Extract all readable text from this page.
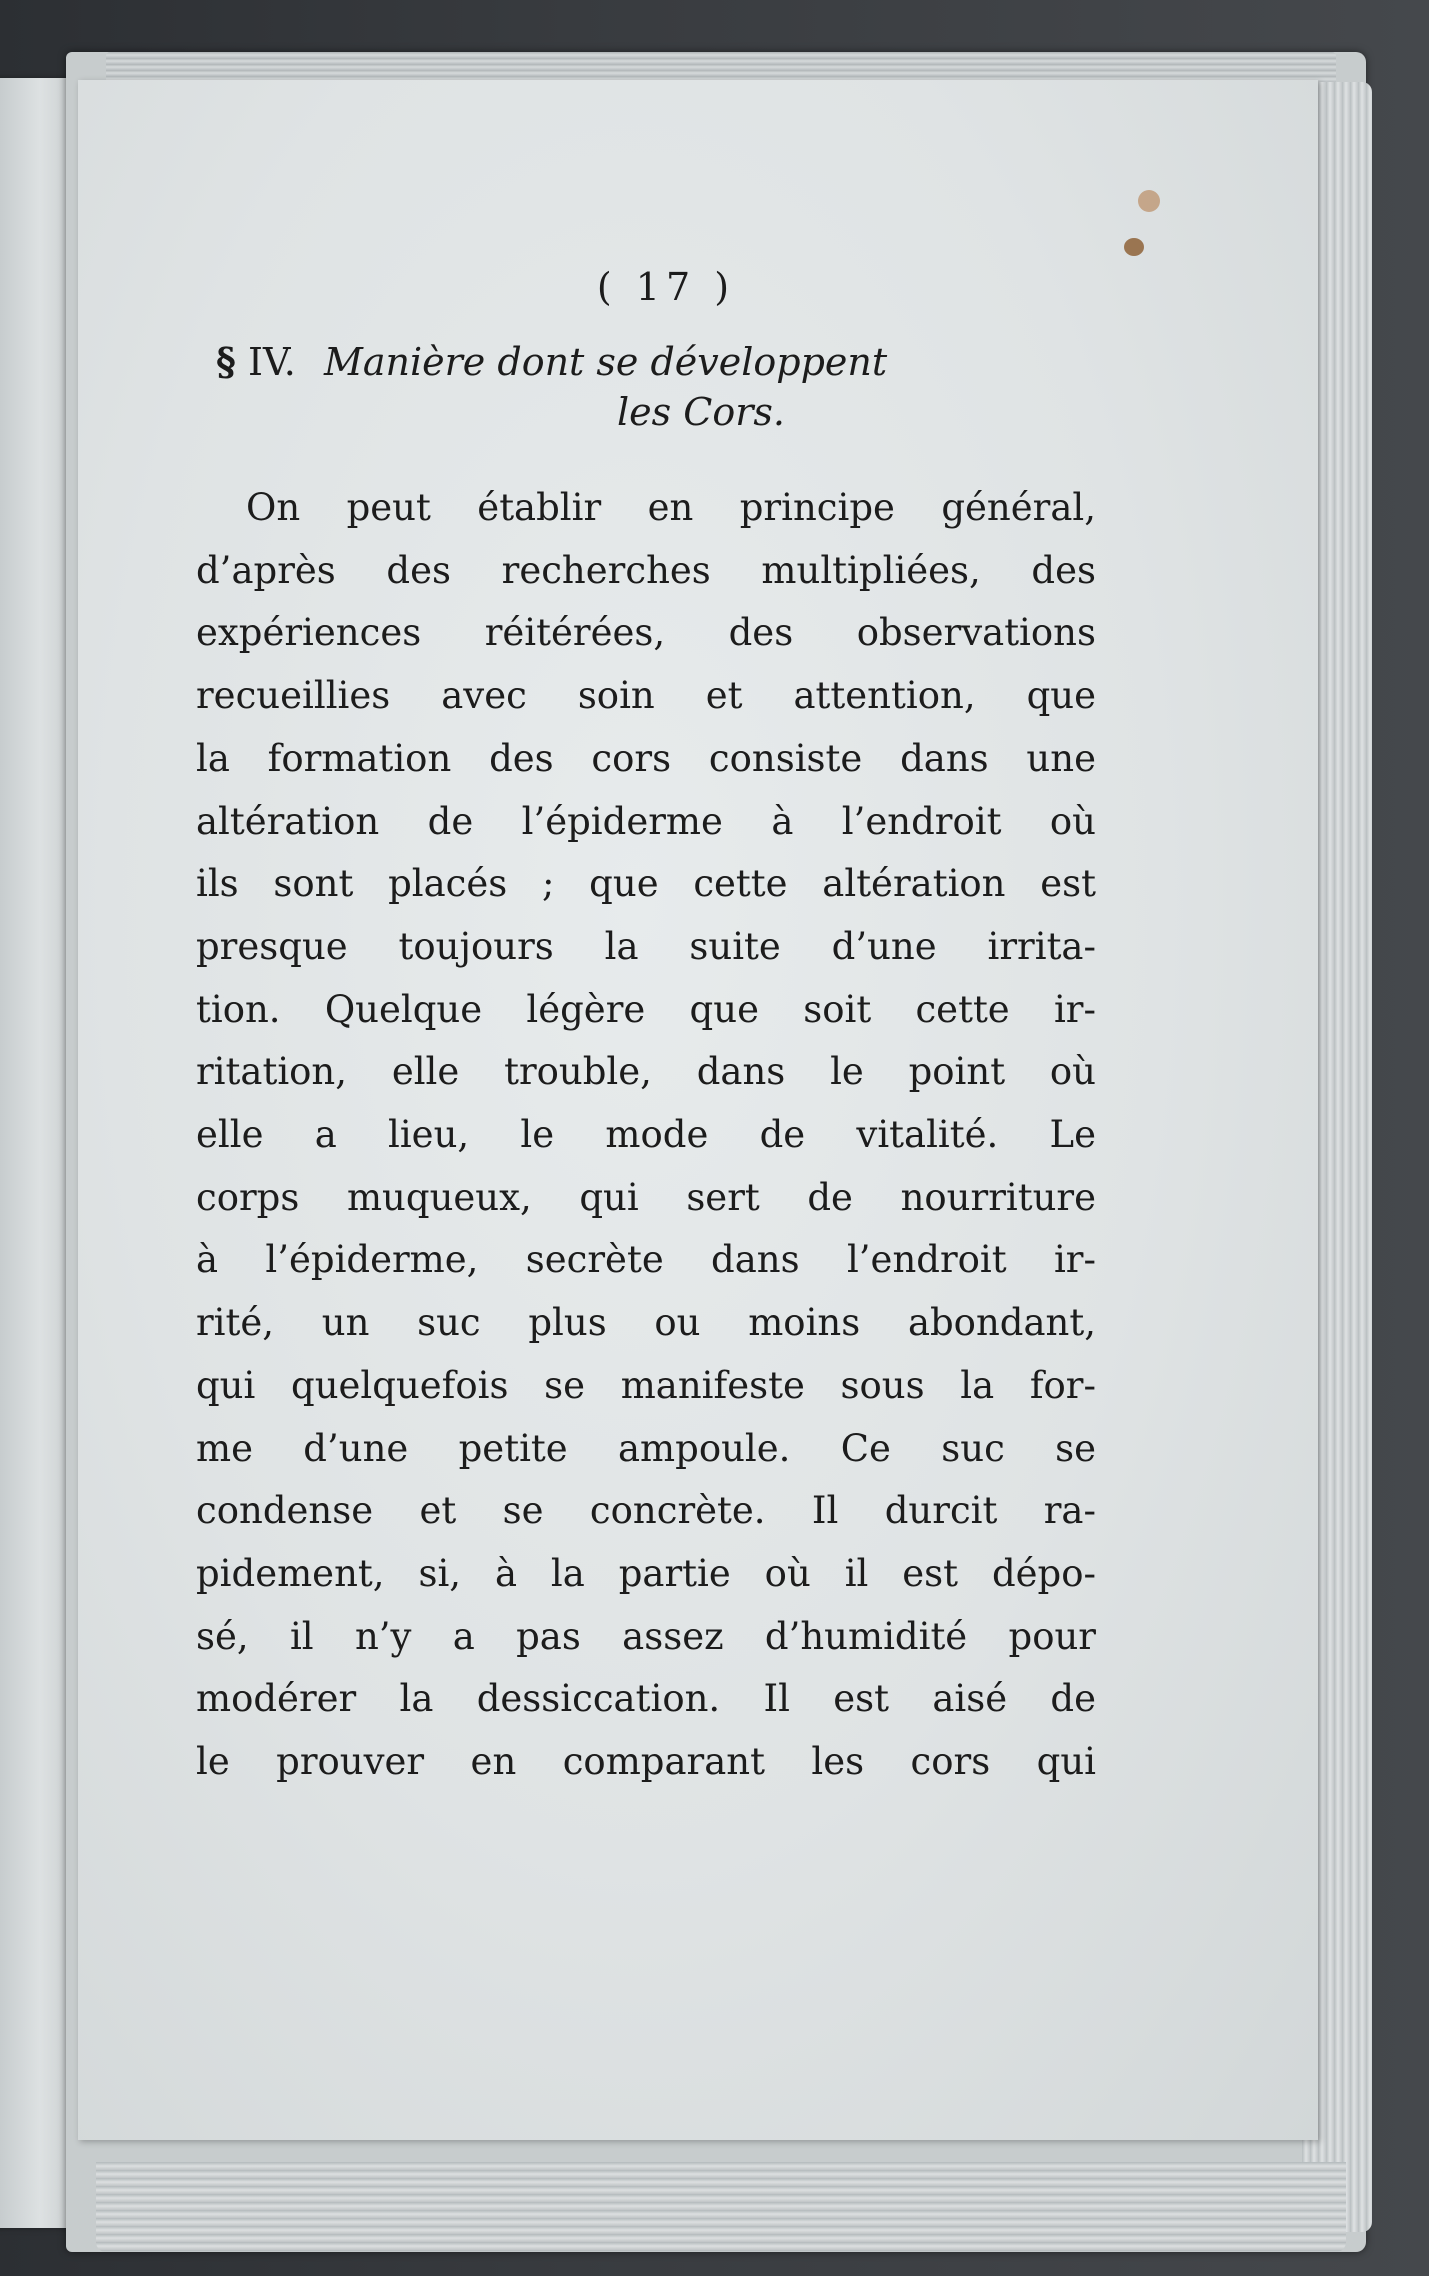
( 17 )
§ IV. Manière dont se développent
les Cors.
On peut établir en principe général,
d’après des recherches multipliées, des
expériences réitérées, des observations
recueillies avec soin et attention, que
la formation des cors consiste dans une
altération de l’épiderme à l’endroit où
ils sont placés ; que cette altération est
presque toujours la suite d’une irrita-
tion. Quelque légère que soit cette ir-
ritation, elle trouble, dans le point où
elle a lieu, le mode de vitalité. Le
corps muqueux, qui sert de nourriture
à l’épiderme, secrète dans l’endroit ir-
rité, un suc plus ou moins abondant,
qui quelquefois se manifeste sous la for-
me d’une petite ampoule. Ce suc se
condense et se concrète. Il durcit ra-
pidement, si, à la partie où il est dépo-
sé, il n’y a pas assez d’humidité pour
modérer la dessiccation. Il est aisé de
le prouver en comparant les cors qui
